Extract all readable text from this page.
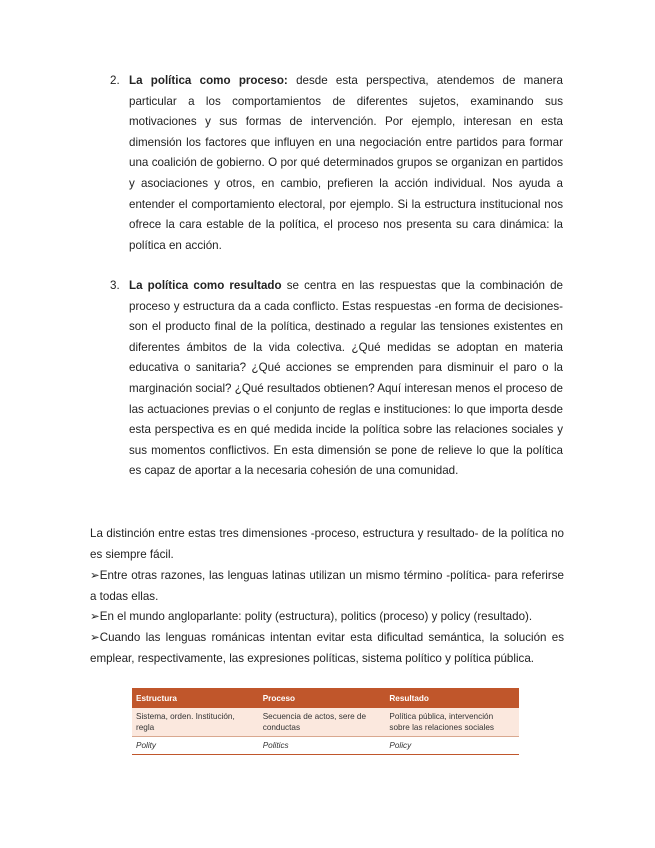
2. La política como proceso: desde esta perspectiva, atendemos de manera particular a los comportamientos de diferentes sujetos, examinando sus motivaciones y sus formas de intervención. Por ejemplo, interesan en esta dimensión los factores que influyen en una negociación entre partidos para formar una coalición de gobierno. O por qué determinados grupos se organizan en partidos y asociaciones y otros, en cambio, prefieren la acción individual. Nos ayuda a entender el comportamiento electoral, por ejemplo. Si la estructura institucional nos ofrece la cara estable de la política, el proceso nos presenta su cara dinámica: la política en acción.
3. La política como resultado se centra en las respuestas que la combinación de proceso y estructura da a cada conflicto. Estas respuestas -en forma de decisiones- son el producto final de la política, destinado a regular las tensiones existentes en diferentes ámbitos de la vida colectiva. ¿Qué medidas se adoptan en materia educativa o sanitaria? ¿Qué acciones se emprenden para disminuir el paro o la marginación social? ¿Qué resultados obtienen? Aquí interesan menos el proceso de las actuaciones previas o el conjunto de reglas e instituciones: lo que importa desde esta perspectiva es en qué medida incide la política sobre las relaciones sociales y sus momentos conflictivos. En esta dimensión se pone de relieve lo que la política es capaz de aportar a la necesaria cohesión de una comunidad.
La distinción entre estas tres dimensiones -proceso, estructura y resultado- de la política no es siempre fácil.
➢Entre otras razones, las lenguas latinas utilizan un mismo término -política- para referirse a todas ellas.
➢En el mundo angloparlante: polity (estructura), politics (proceso) y policy (resultado).
➢Cuando las lenguas románicas intentan evitar esta dificultad semántica, la solución es emplear, respectivamente, las expresiones políticas, sistema político y política pública.
Estructura	Proceso	Resultado
Sistema, orden. Institución, regla	Secuencia de actos, sere de conductas	Política pública, intervención sobre las relaciones sociales
Polity	Politics	Policy
